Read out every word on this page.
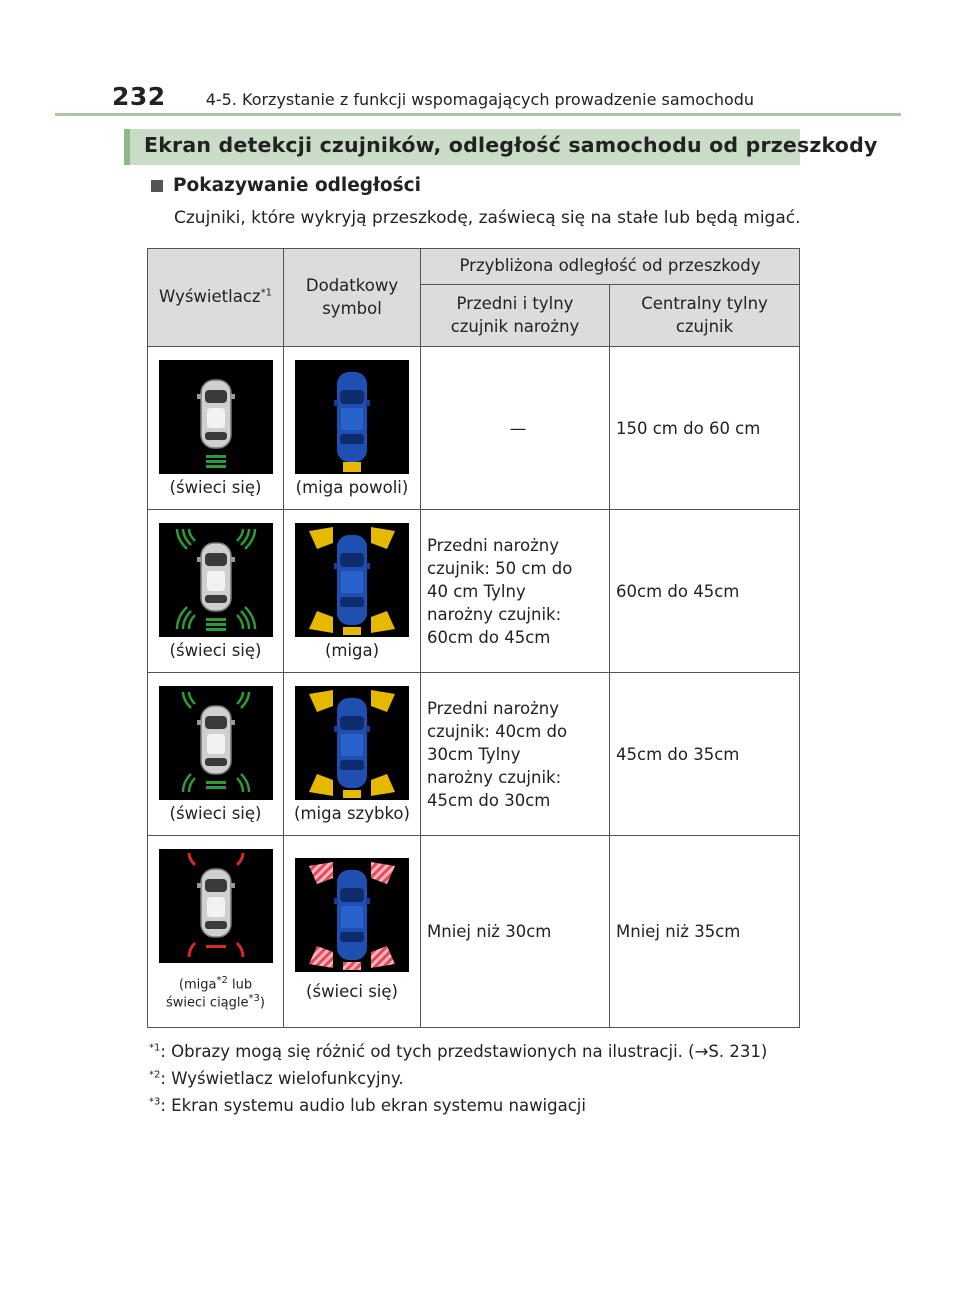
232	4-5. Korzystanie z funkcji wspomagających prowadzenie samochodu
Ekran detekcji czujników, odległość samochodu od przeszkody
Pokazywanie odległości
Czujniki, które wykryją przeszkodę, zaświecą się na stałe lub będą migać.
Wyświetlacz$^{*1}$	Dodatkowy symbol	Przybliżona odległość od przeszkody	
		Przedni i tylny czujnik narożny	Centralny tylny czujnik

(świeci się)	(miga powoli)	—	150 cm do 60 cm

(świeci się)	(miga)	Przedni narożny czujnik: 50 cm do 40 cm Tylny narożny czujnik: 60cm do 45cm	60cm do 45cm

(świeci się)	(miga szybko)	Przedni narożny czujnik: 40cm do 30cm Tylny narożny czujnik: 45cm do 30cm	45cm do 35cm

(miga$^{*2}$ lub
świeci ciągle$^{*3}$)	(świeci się)	Mniej niż 30cm	Mniej niż 35cm
$^{*1}$: Obrazy mogą się różnić od tych przedstawionych na ilustracji. (→S. 231)
$^{*2}$: Wyświetlacz wielofunkcyjny.
$^{*3}$: Ekran systemu audio lub ekran systemu nawigacji
